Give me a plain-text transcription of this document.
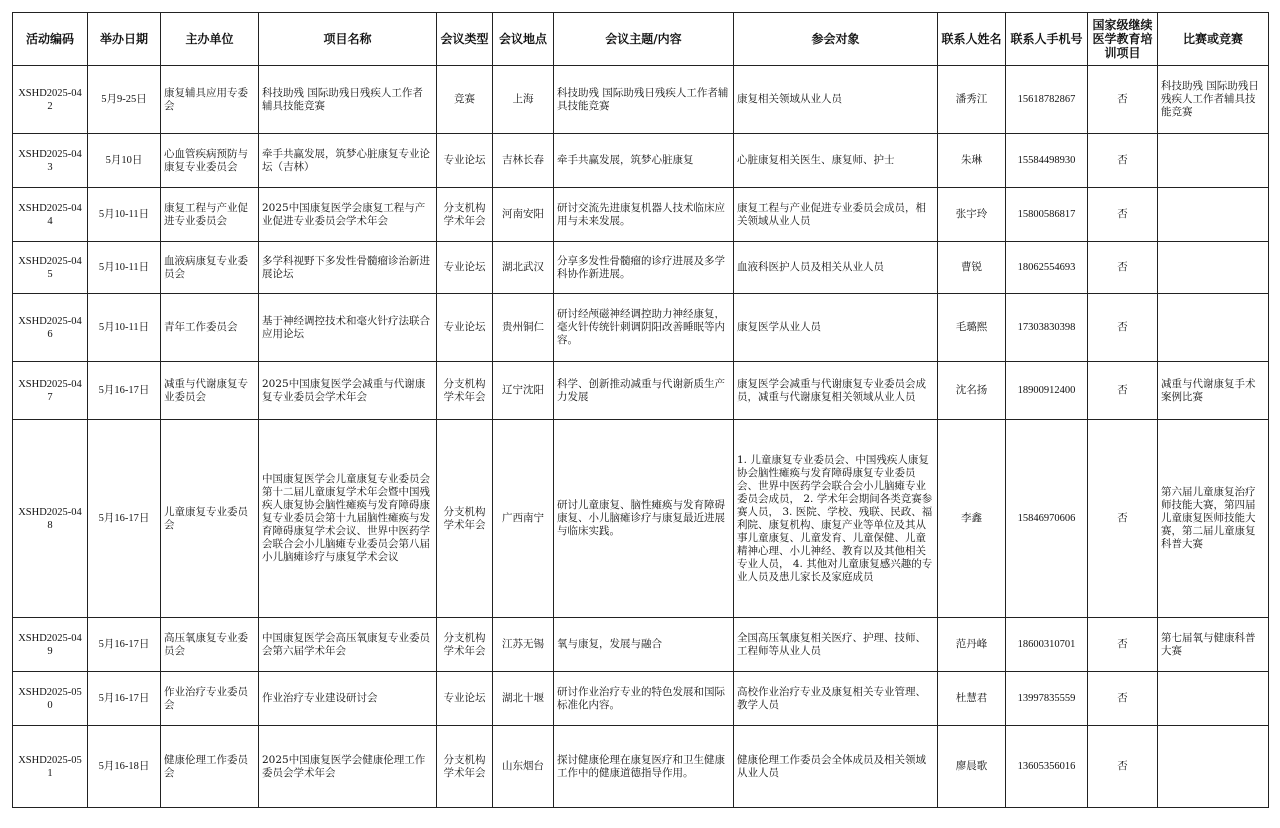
活动编码	举办日期	主办单位	项目名称	会议类型	会议地点	会议主题/内容	参会对象	联系人姓名	联系人手机号	国家级继续医学教育培训项目	比赛或竞赛
XSHD2025-042	5月9-25日	康复辅具应用专委会	科技助残 国际助残日残疾人工作者辅具技能竞赛	竞赛	上海	科技助残 国际助残日残疾人工作者辅具技能竞赛	康复相关领域从业人员	潘秀江	15618782867	否	科技助残 国际助残日残疾人工作者辅具技能竞赛
XSHD2025-043	5月10日	心血管疾病预防与康复专业委员会	牵手共赢发展，筑梦心脏康复专业论坛（吉林）	专业论坛	吉林长春	牵手共赢发展，筑梦心脏康复	心脏康复相关医生、康复师、护士	朱琳	15584498930	否	
XSHD2025-044	5月10-11日	康复工程与产业促进专业委员会	2025中国康复医学会康复工程与产业促进专业委员会学术年会	分支机构学术年会	河南安阳	研讨交流先进康复机器人技术临床应用与未来发展。	康复工程与产业促进专业委员会成员，相关领域从业人员	张宇玲	15800586817	否	
XSHD2025-045	5月10-11日	血液病康复专业委员会	多学科视野下多发性骨髓瘤诊治新进展论坛	专业论坛	湖北武汉	分享多发性骨髓瘤的诊疗进展及多学科协作新进展。	血液科医护人员及相关从业人员	曹锐	18062554693	否	
XSHD2025-046	5月10-11日	青年工作委员会	基于神经调控技术和毫火针疗法联合应用论坛	专业论坛	贵州铜仁	研讨经颅磁神经调控助力神经康复，毫火针传统针刺调阴阳改善睡眠等内容。	康复医学从业人员	毛璐熙	17303830398	否	
XSHD2025-047	5月16-17日	减重与代谢康复专业委员会	2025中国康复医学会减重与代谢康复专业委员会学术年会	分支机构学术年会	辽宁沈阳	科学、创新推动减重与代谢新质生产力发展	康复医学会减重与代谢康复专业委员会成员，减重与代谢康复相关领域从业人员	沈名扬	18900912400	否	减重与代谢康复手术案例比赛
XSHD2025-048	5月16-17日	儿童康复专业委员会	中国康复医学会儿童康复专业委员会第十二届儿童康复学术年会暨中国残疾人康复协会脑性瘫痪与发育障碍康复专业委员会第十九届脑性瘫痪与发育障碍康复学术会议、世界中医药学会联合会小儿脑瘫专业委员会第八届小儿脑瘫诊疗与康复学术会议	分支机构学术年会	广西南宁	研讨儿童康复、脑性瘫痪与发育障碍康复、小儿脑瘫诊疗与康复最近进展与临床实践。	1. 儿童康复专业委员会、中国残疾人康复协会脑性瘫痪与发育障碍康复专业委员会、世界中医药学会联合会小儿脑瘫专业委员会成员， 2. 学术年会期间各类竞赛参赛人员， 3. 医院、学校、残联、民政、福利院、康复机构、康复产业等单位及其从事儿童康复、儿童发育、儿童保健、儿童精神心理、小儿神经、教育以及其他相关专业人员， 4. 其他对儿童康复感兴趣的专业人员及患儿家长及家庭成员	李鑫	15846970606	否	第六届儿童康复治疗师技能大赛，第四届儿童康复医师技能大赛，第二届儿童康复科普大赛
XSHD2025-049	5月16-17日	高压氧康复专业委员会	中国康复医学会高压氧康复专业委员会第六届学术年会	分支机构学术年会	江苏无锡	氧与康复，发展与融合	全国高压氧康复相关医疗、护理、技师、工程师等从业人员	范丹峰	18600310701	否	第七届氧与健康科普大赛
XSHD2025-050	5月16-17日	作业治疗专业委员会	作业治疗专业建设研讨会	专业论坛	湖北十堰	研讨作业治疗专业的特色发展和国际标准化内容。	高校作业治疗专业及康复相关专业管理、教学人员	杜慧君	13997835559	否	
XSHD2025-051	5月16-18日	健康伦理工作委员会	2025中国康复医学会健康伦理工作委员会学术年会	分支机构学术年会	山东烟台	探讨健康伦理在康复医疗和卫生健康工作中的健康道德指导作用。	健康伦理工作委员会全体成员及相关领域从业人员	廖晨歌	13605356016	否	
